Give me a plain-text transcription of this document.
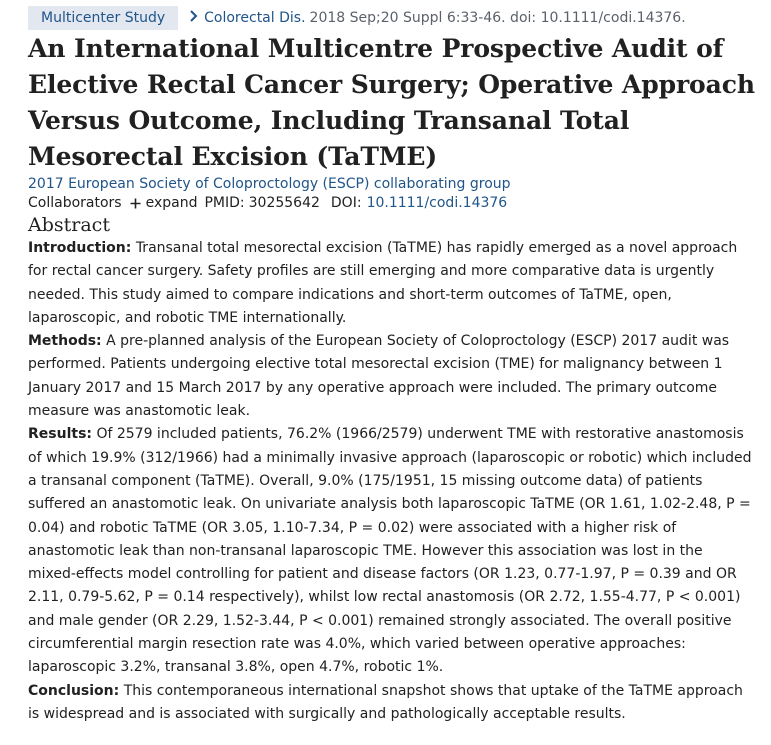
Multicenter Study	Colorectal Dis. 2018 Sep;20 Suppl 6:33-46. doi: 10.1111/codi.14376.
An International Multicentre Prospective Audit of Elective Rectal Cancer Surgery; Operative Approach Versus Outcome, Including Transanal Total Mesorectal Excision (TaTME)
2017 European Society of Coloproctology (ESCP) collaborating group
Collaborators expand PMID: 30255642 DOI: 10.1111/codi.14376
Abstract

Introduction: Transanal total mesorectal excision (TaTME) has rapidly emerged as a novel approach for rectal cancer surgery. Safety profiles are still emerging and more comparative data is urgently needed. This study aimed to compare indications and short-term outcomes of TaTME, open, laparoscopic, and robotic TME internationally.

Methods: A pre-planned analysis of the European Society of Coloproctology (ESCP) 2017 audit was performed. Patients undergoing elective total mesorectal excision (TME) for malignancy between 1 January 2017 and 15 March 2017 by any operative approach were included. The primary outcome measure was anastomotic leak.

Results: Of 2579 included patients, 76.2% (1966/2579) underwent TME with restorative anastomosis of which 19.9% (312/1966) had a minimally invasive approach (laparoscopic or robotic) which included a transanal component (TaTME). Overall, 9.0% (175/1951, 15 missing outcome data) of patients suffered an anastomotic leak. On univariate analysis both laparoscopic TaTME (OR 1.61, 1.02-2.48, P = 0.04) and robotic TaTME (OR 3.05, 1.10-7.34, P = 0.02) were associated with a higher risk of anastomotic leak than non-transanal laparoscopic TME. However this association was lost in the mixed-effects model controlling for patient and disease factors (OR 1.23, 0.77-1.97, P = 0.39 and OR 2.11, 0.79-5.62, P = 0.14 respectively), whilst low rectal anastomosis (OR 2.72, 1.55-4.77, P < 0.001) and male gender (OR 2.29, 1.52-3.44, P < 0.001) remained strongly associated. The overall positive circumferential margin resection rate was 4.0%, which varied between operative approaches: laparoscopic 3.2%, transanal 3.8%, open 4.7%, robotic 1%.

Conclusion: This contemporaneous international snapshot shows that uptake of the TaTME approach is widespread and is associated with surgically and pathologically acceptable results.
